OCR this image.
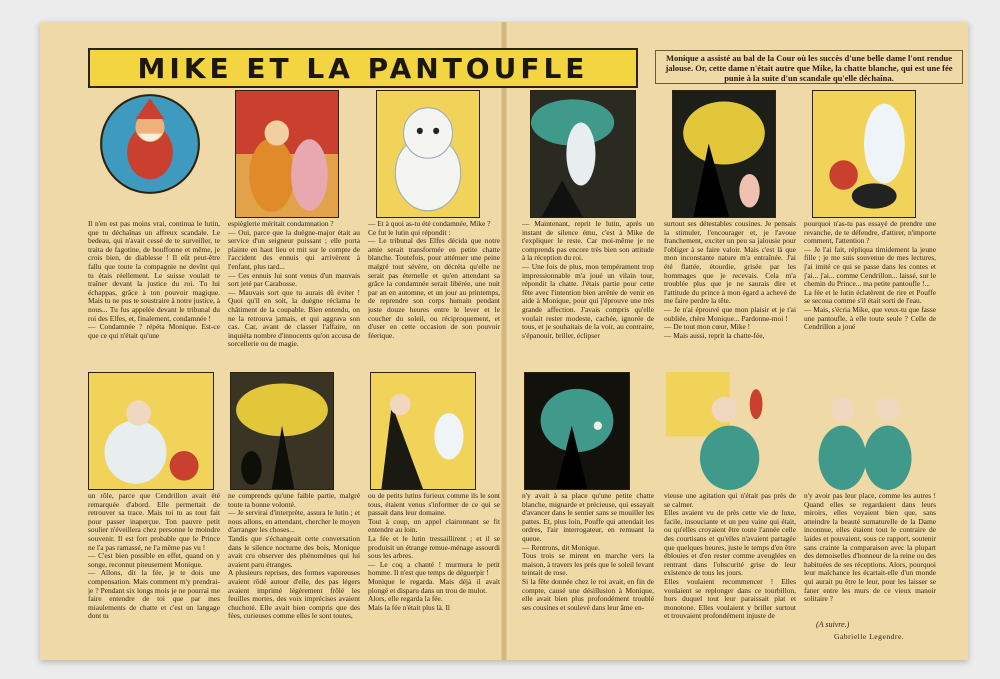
MIKE ET LA PANTOUFLE	Monique a assisté au bal de la Cour où les succès d'une belle dame l'ont rendue jalouse. Or, cette dame n'était autre que Mike, la chatte blanche, qui est une fée punie à la suite d'un scandale qu'elle déchaîna.
Il n'en est pas moins vrai, continua le lutin, que tu déchaînas un affreux scandale. Le bedeau, qui n'avait cessé de te surveiller, te traita de fagotine, de bouffonne et même, je crois bien, de diablesse ! Il eût peut-être fallu que toute la compagnie ne devînt qui tu étais réellement. Le suisse voulait te traîner devant la justice du roi. Tu lui échappas, grâce à ton pouvoir magique. Mais tu ne pus te soustraire à notre justice, à nous... Tu fus appelée devant le tribunal du roi des Elfes, et, finalement, condamnée !
— Condamnée ? répéta Monique. Est-ce que ce qui n'était qu'une
espièglerie méritait condamnation ?
— Oui, parce que la duègne-major était au service d'un seigneur puissant ; elle porta plainte en haut lieu et mit sur le compte de l'accident des ennuis qui arrivèrent à l'enfant, plus tard...
— Ces ennuis lui sont venus d'un mauvais sort jeté par Carabosse.
— Mauvais sort que tu aurais dû éviter ! Quoi qu'il en soit, la duègne réclama le châtiment de la coupable. Bien entendu, on ne la retrouva jamais, et qui aggrava son cas. Car, avant de classer l'affaire, on inquiéta nombre d'innocents qu'on accusa de sorcellerie ou de magie.
— Et à quoi as-tu été condamnée, Mike ?
Ce fut le lutin qui répondit :
— Le tribunal des Elfes décida que notre amie serait transformée en petite chatte blanche. Toutefois, pour atténuer une peine malgré tout sévère, on décréta qu'elle ne serait pas éternelle et qu'en attendant sa grâce la condamnée serait libérée, une nuit par an en automne, et un jour au printemps, de reprendre son corps humain pendant juste douze heures entre le lever et le coucher du soleil, ou réciproquement, et d'user en cette occasion de son pouvoir féerique.
— Maintenant, reprit le lutin, après un instant de silence ému, c'est à Mike de t'expliquer le reste. Car moi-même je ne comprends pas encore très bien son attitude à la réception du roi.
— Une fois de plus, mon tempérament trop impressionnable m'a joué un vilain tour, répondit la chatte. J'étais partie pour cette fête avec l'intention bien arrêtée de venir en aide à Monique, pour qui j'éprouve une très grande affection. J'avais compris qu'elle voulait rester modeste, cachée, ignorée de tous, et je souhaitais de la voir, au contraire, s'épanouir, briller, éclipser
surtout ses détestables cousines. Je pensais la stimuler, l'encourager et, je l'avoue franchement, exciter un peu sa jalousie pour l'obliger à se faire valoir. Mais c'est là que mon inconstante nature m'a entraînée. J'ai été flattée, étourdie, grisée par les hommages que je recevais. Cela m'a troublée plus que je ne saurais dire et l'attitude du prince à mon égard a achevé de me faire perdre la tête.
— Je n'ai éprouvé que mon plaisir et je t'ai oubliée, chère Monique... Pardonne-moi !
— De tout mon cœur, Mike !
— Mais aussi, reprit la chatte-fée,
pourquoi n'as-tu pas essayé de prendre une revanche, de te défendre, d'attirer, n'importe comment, l'attention ?
— Je l'ai fait, répliqua timidement la jeune fille ; je me suis souvenue de mes lectures, j'ai imité ce qui se passe dans les contes et j'ai... j'ai... comme Cendrillon... laissé, sur le chemin du Prince... ma petite pantoufle !...
La fée et le lutin éclatèrent de rire et Pouffe se secoua comme s'il était sorti de l'eau.
— Mais, s'écria Mike, que veux-tu que fasse une pantoufle, à elle toute seule ? Celle de Cendrillon a joué
un rôle, parce que Cendrillon avait été remarquée d'abord. Elle permettait de retrouver sa trace. Mais toi tu as tout fait pour passer inaperçue. Ton pauvre petit soulier n'éveillera chez personne le moindre souvenir. Il est fort probable que le Prince ne l'a pas ramassé, ne l'a même pas vu !
— C'est bien possible en effet, quand on y songe, reconnut piteusement Monique.
— Allons, dit la fée, je te dois une compensation. Mais comment m'y prendrai-je ? Pendant six longs mois je ne pourrai me faire entendre de toi que par mes miaulements de chatte et c'est un langage dont tu
ne comprends qu'une faible partie, malgré toute ta bonne volonté.
— Je servirai d'interprète, assura le lutin ; et nous allons, en attendant, chercher le moyen d'arranger les choses...
Tandis que s'échangeait cette conversation dans le silence nocturne des bois, Monique avait cru observer des phénomènes qui lui avaient paru étranges.
A plusieurs reprises, des formes vaporeuses avaient rôdé autour d'elle, des pas légers avaient imprimé légèrement frôlé les feuilles mortes, des voix imprécises avaient chuchoté. Elle avait bien compris que des fées, curieuses comme elles le sont toutes,
ou de petits lutins furieux comme ils le sont tous, étaient venus s'informer de ce qui se passait dans leur domaine.
Tout à coup, un appel claironnant se fit entendre au loin.
La fée et le lutin tressaillirent ; et il se produisit un étrange remue-ménage assourdi sous les arbres.
— Le coq a chanté ! murmura le petit homme. Il n'est que temps de déguerpir !
Monique le regarda. Mais déjà il avait plongé et disparu dans un trou de mulot.
Alors, elle regarda la fée.
Mais la fée n'était plus là. Il
n'y avait à sa place qu'une petite chatte blanche, mignarde et précieuse, qui essayait d'avancer dans le sentier sans se mouiller les pattes. Et, plus loin, Pouffe qui attendait les ordres, l'air interrogateur, en remuant la queue.
— Rentrons, dit Monique.
Tous trois se mirent en marche vers la maison, à travers les prés que le soleil levant teintait de rose.
Si la fête donnée chez le roi avait, en fin de compte, causé une désillusion à Monique, elle avait bien plus profondément troublé ses cousines et soulevé dans leur âme en-
vieuse une agitation qui n'était pas près de se calmer.
Elles avaient vu de près cette vie de luxe, facile, insouciante et un peu vaine qui était, ou qu'elles croyaient être toute l'année celle des courtisans et qu'elles n'avaient partagée que quelques heures, juste le temps d'en être éblouies et d'en rester comme aveuglées en rentrant dans l'obscurité grise de leur existence de tous les jours.
Elles voulaient recommencer ! Elles voulaient se replonger dans ce tourbillon, hors duquel tout leur paraissait plat et monotone. Elles voulaient y briller surtout et trouvaient profondément injuste de
n'y avoir pas leur place, comme les autres ! Quand elles se regardaient dans leurs miroirs, elles voyaient bien que, sans atteindre la beauté surnaturelle de la Dame inconnue, elles étaient tout le contraire de laides et pouvaient, sous ce rapport, soutenir sans crainte la comparaison avec la plupart des demoiselles d'honneur de la reine ou des habituées de ses réceptions. Alors, pourquoi leur malchance les écartait-elle d'un monde qui aurait pu être le leur, pour les laisser se faner entre les murs de ce vieux manoir solitaire ?
(A suivre.)
Gabrielle Legendre.
